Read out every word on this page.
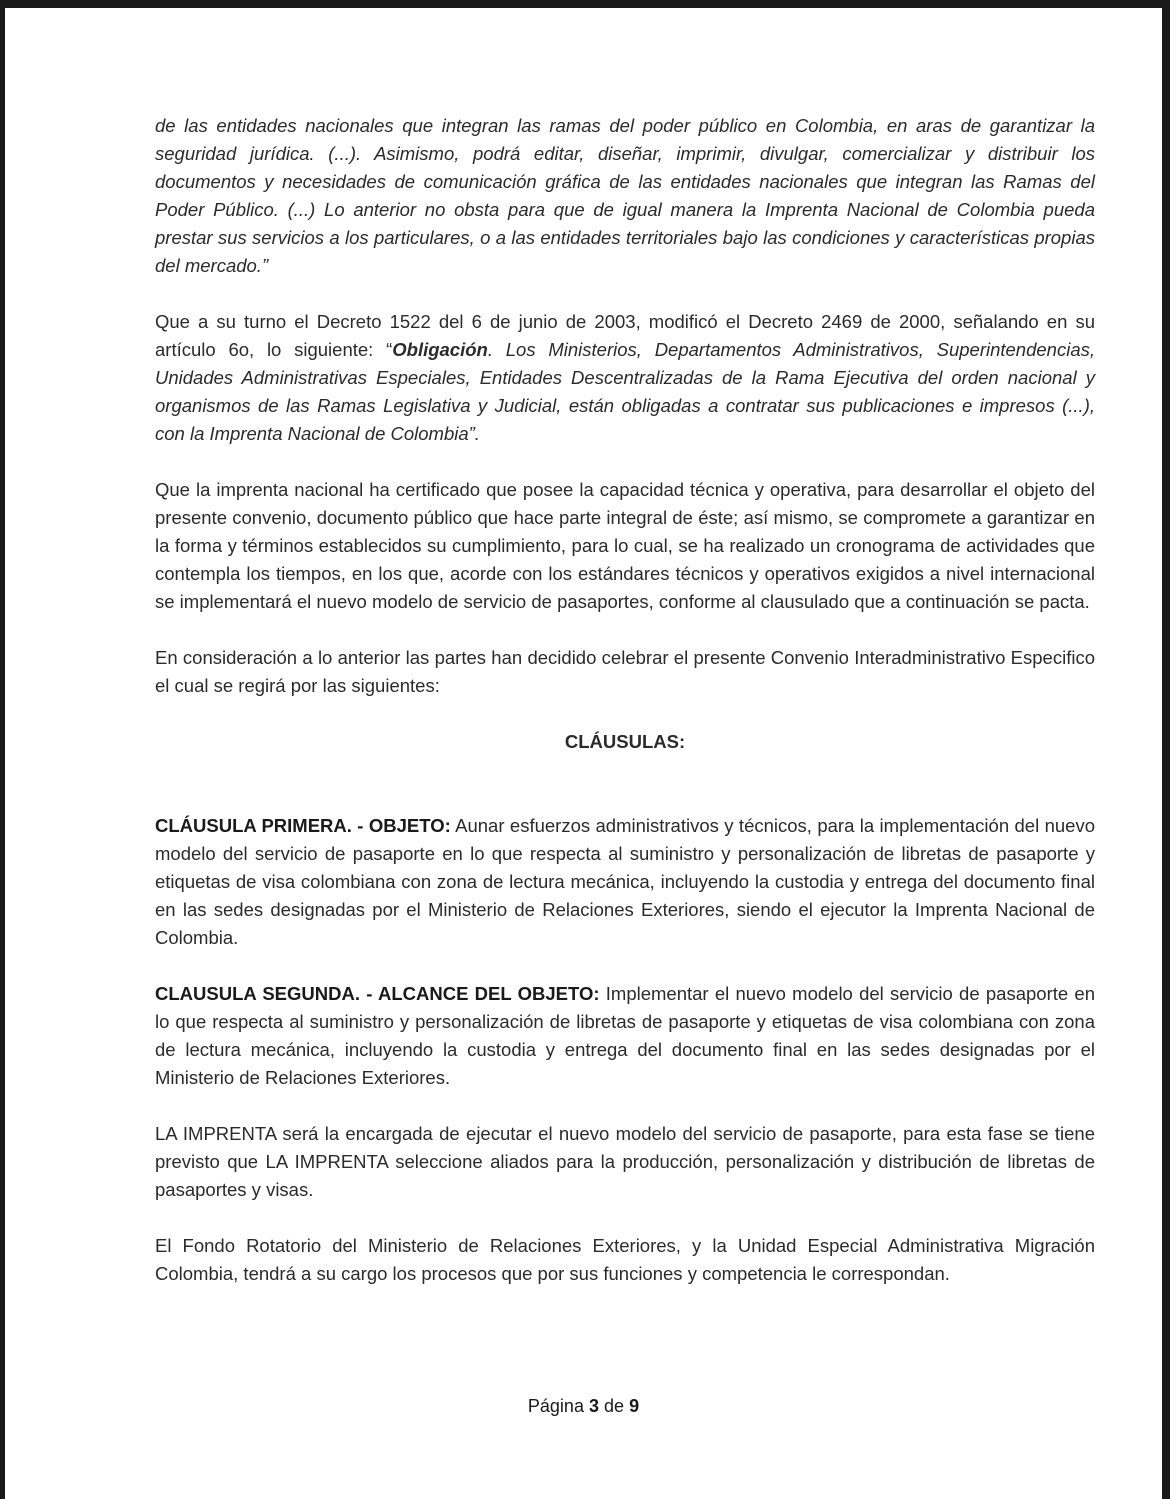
de las entidades nacionales que integran las ramas del poder público en Colombia, en aras de garantizar la seguridad jurídica. (...). Asimismo, podrá editar, diseñar, imprimir, divulgar, comercializar y distribuir los documentos y necesidades de comunicación gráfica de las entidades nacionales que integran las Ramas del Poder Público. (...) Lo anterior no obsta para que de igual manera la Imprenta Nacional de Colombia pueda prestar sus servicios a los particulares, o a las entidades territoriales bajo las condiciones y características propias del mercado.”

Que a su turno el Decreto 1522 del 6 de junio de 2003, modificó el Decreto 2469 de 2000, señalando en su artículo 6o, lo siguiente: “Obligación. Los Ministerios, Departamentos Administrativos, Superintendencias, Unidades Administrativas Especiales, Entidades Descentralizadas de la Rama Ejecutiva del orden nacional y organismos de las Ramas Legislativa y Judicial, están obligadas a contratar sus publicaciones e impresos (...), con la Imprenta Nacional de Colombia”.

Que la imprenta nacional ha certificado que posee la capacidad técnica y operativa, para desarrollar el objeto del presente convenio, documento público que hace parte integral de éste; así mismo, se compromete a garantizar en la forma y términos establecidos su cumplimiento, para lo cual, se ha realizado un cronograma de actividades que contempla los tiempos, en los que, acorde con los estándares técnicos y operativos exigidos a nivel internacional se implementará el nuevo modelo de servicio de pasaportes, conforme al clausulado que a continuación se pacta.

En consideración a lo anterior las partes han decidido celebrar el presente Convenio Interadministrativo Especifico el cual se regirá por las siguientes:

CLÁUSULAS:

CLÁUSULA PRIMERA. - OBJETO: Aunar esfuerzos administrativos y técnicos, para la implementación del nuevo modelo del servicio de pasaporte en lo que respecta al suministro y personalización de libretas de pasaporte y etiquetas de visa colombiana con zona de lectura mecánica, incluyendo la custodia y entrega del documento final en las sedes designadas por el Ministerio de Relaciones Exteriores, siendo el ejecutor la Imprenta Nacional de Colombia.

CLAUSULA SEGUNDA. - ALCANCE DEL OBJETO: Implementar el nuevo modelo del servicio de pasaporte en lo que respecta al suministro y personalización de libretas de pasaporte y etiquetas de visa colombiana con zona de lectura mecánica, incluyendo la custodia y entrega del documento final en las sedes designadas por el Ministerio de Relaciones Exteriores.

LA IMPRENTA será la encargada de ejecutar el nuevo modelo del servicio de pasaporte, para esta fase se tiene previsto que LA IMPRENTA seleccione aliados para la producción, personalización y distribución de libretas de pasaportes y visas.

El Fondo Rotatorio del Ministerio de Relaciones Exteriores, y la Unidad Especial Administrativa Migración Colombia, tendrá a su cargo los procesos que por sus funciones y competencia le correspondan.

Página 3 de 9
